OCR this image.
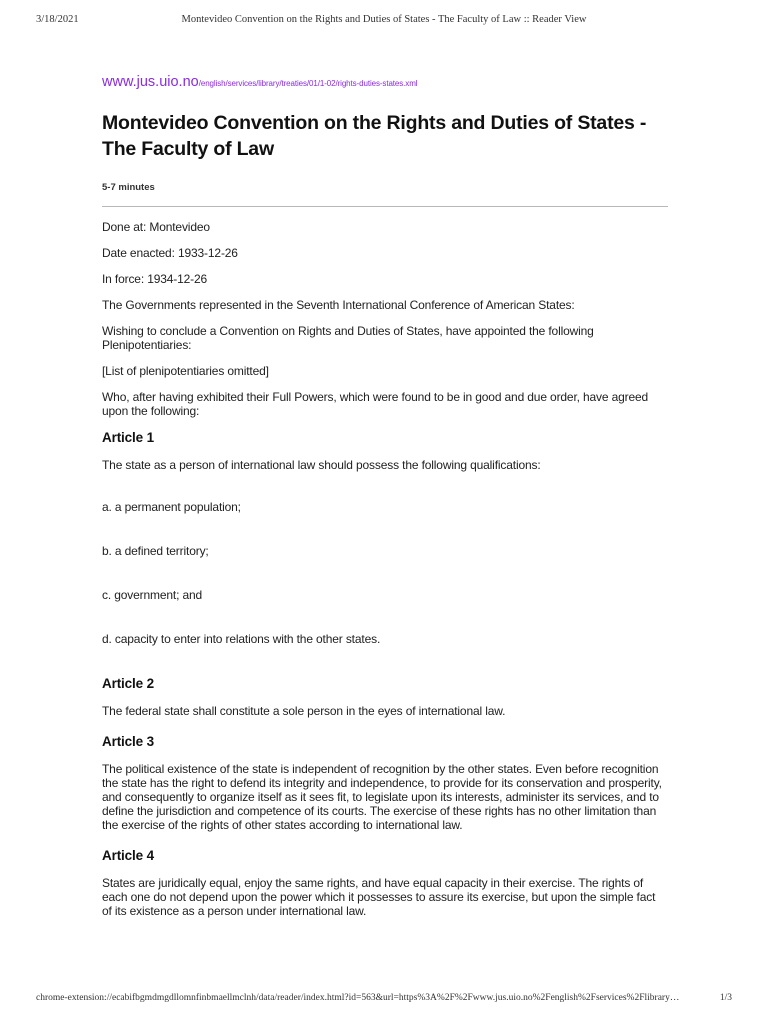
3/18/2021	Montevideo Convention on the Rights and Duties of States - The Faculty of Law :: Reader View
www.jus.uio.no/english/services/library/treaties/01/1-02/rights-duties-states.xml
Montevideo Convention on the Rights and Duties of States - The Faculty of Law
5-7 minutes

Done at: Montevideo

Date enacted: 1933-12-26

In force: 1934-12-26

The Governments represented in the Seventh International Conference of American States:

Wishing to conclude a Convention on Rights and Duties of States, have appointed the following Plenipotentiaries:

[List of plenipotentiaries omitted]

Who, after having exhibited their Full Powers, which were found to be in good and due order, have agreed upon the following:

Article 1

The state as a person of international law should possess the following qualifications:

a. a permanent population;

b. a defined territory;

c. government; and

d. capacity to enter into relations with the other states.

Article 2

The federal state shall constitute a sole person in the eyes of international law.

Article 3

The political existence of the state is independent of recognition by the other states. Even before recognition the state has the right to defend its integrity and independence, to provide for its conservation and prosperity, and consequently to organize itself as it sees fit, to legislate upon its interests, administer its services, and to define the jurisdiction and competence of its courts. The exercise of these rights has no other limitation than the exercise of the rights of other states according to international law.

Article 4

States are juridically equal, enjoy the same rights, and have equal capacity in their exercise. The rights of each one do not depend upon the power which it possesses to assure its exercise, but upon the simple fact of its existence as a person under international law.

chrome-extension://ecabifbgmdmgdllomnfinbmaellmclnh/data/reader/index.html?id=563&url=https%3A%2F%2Fwww.jus.uio.no%2Fenglish%2Fservices%2Flibrary…	1/3
